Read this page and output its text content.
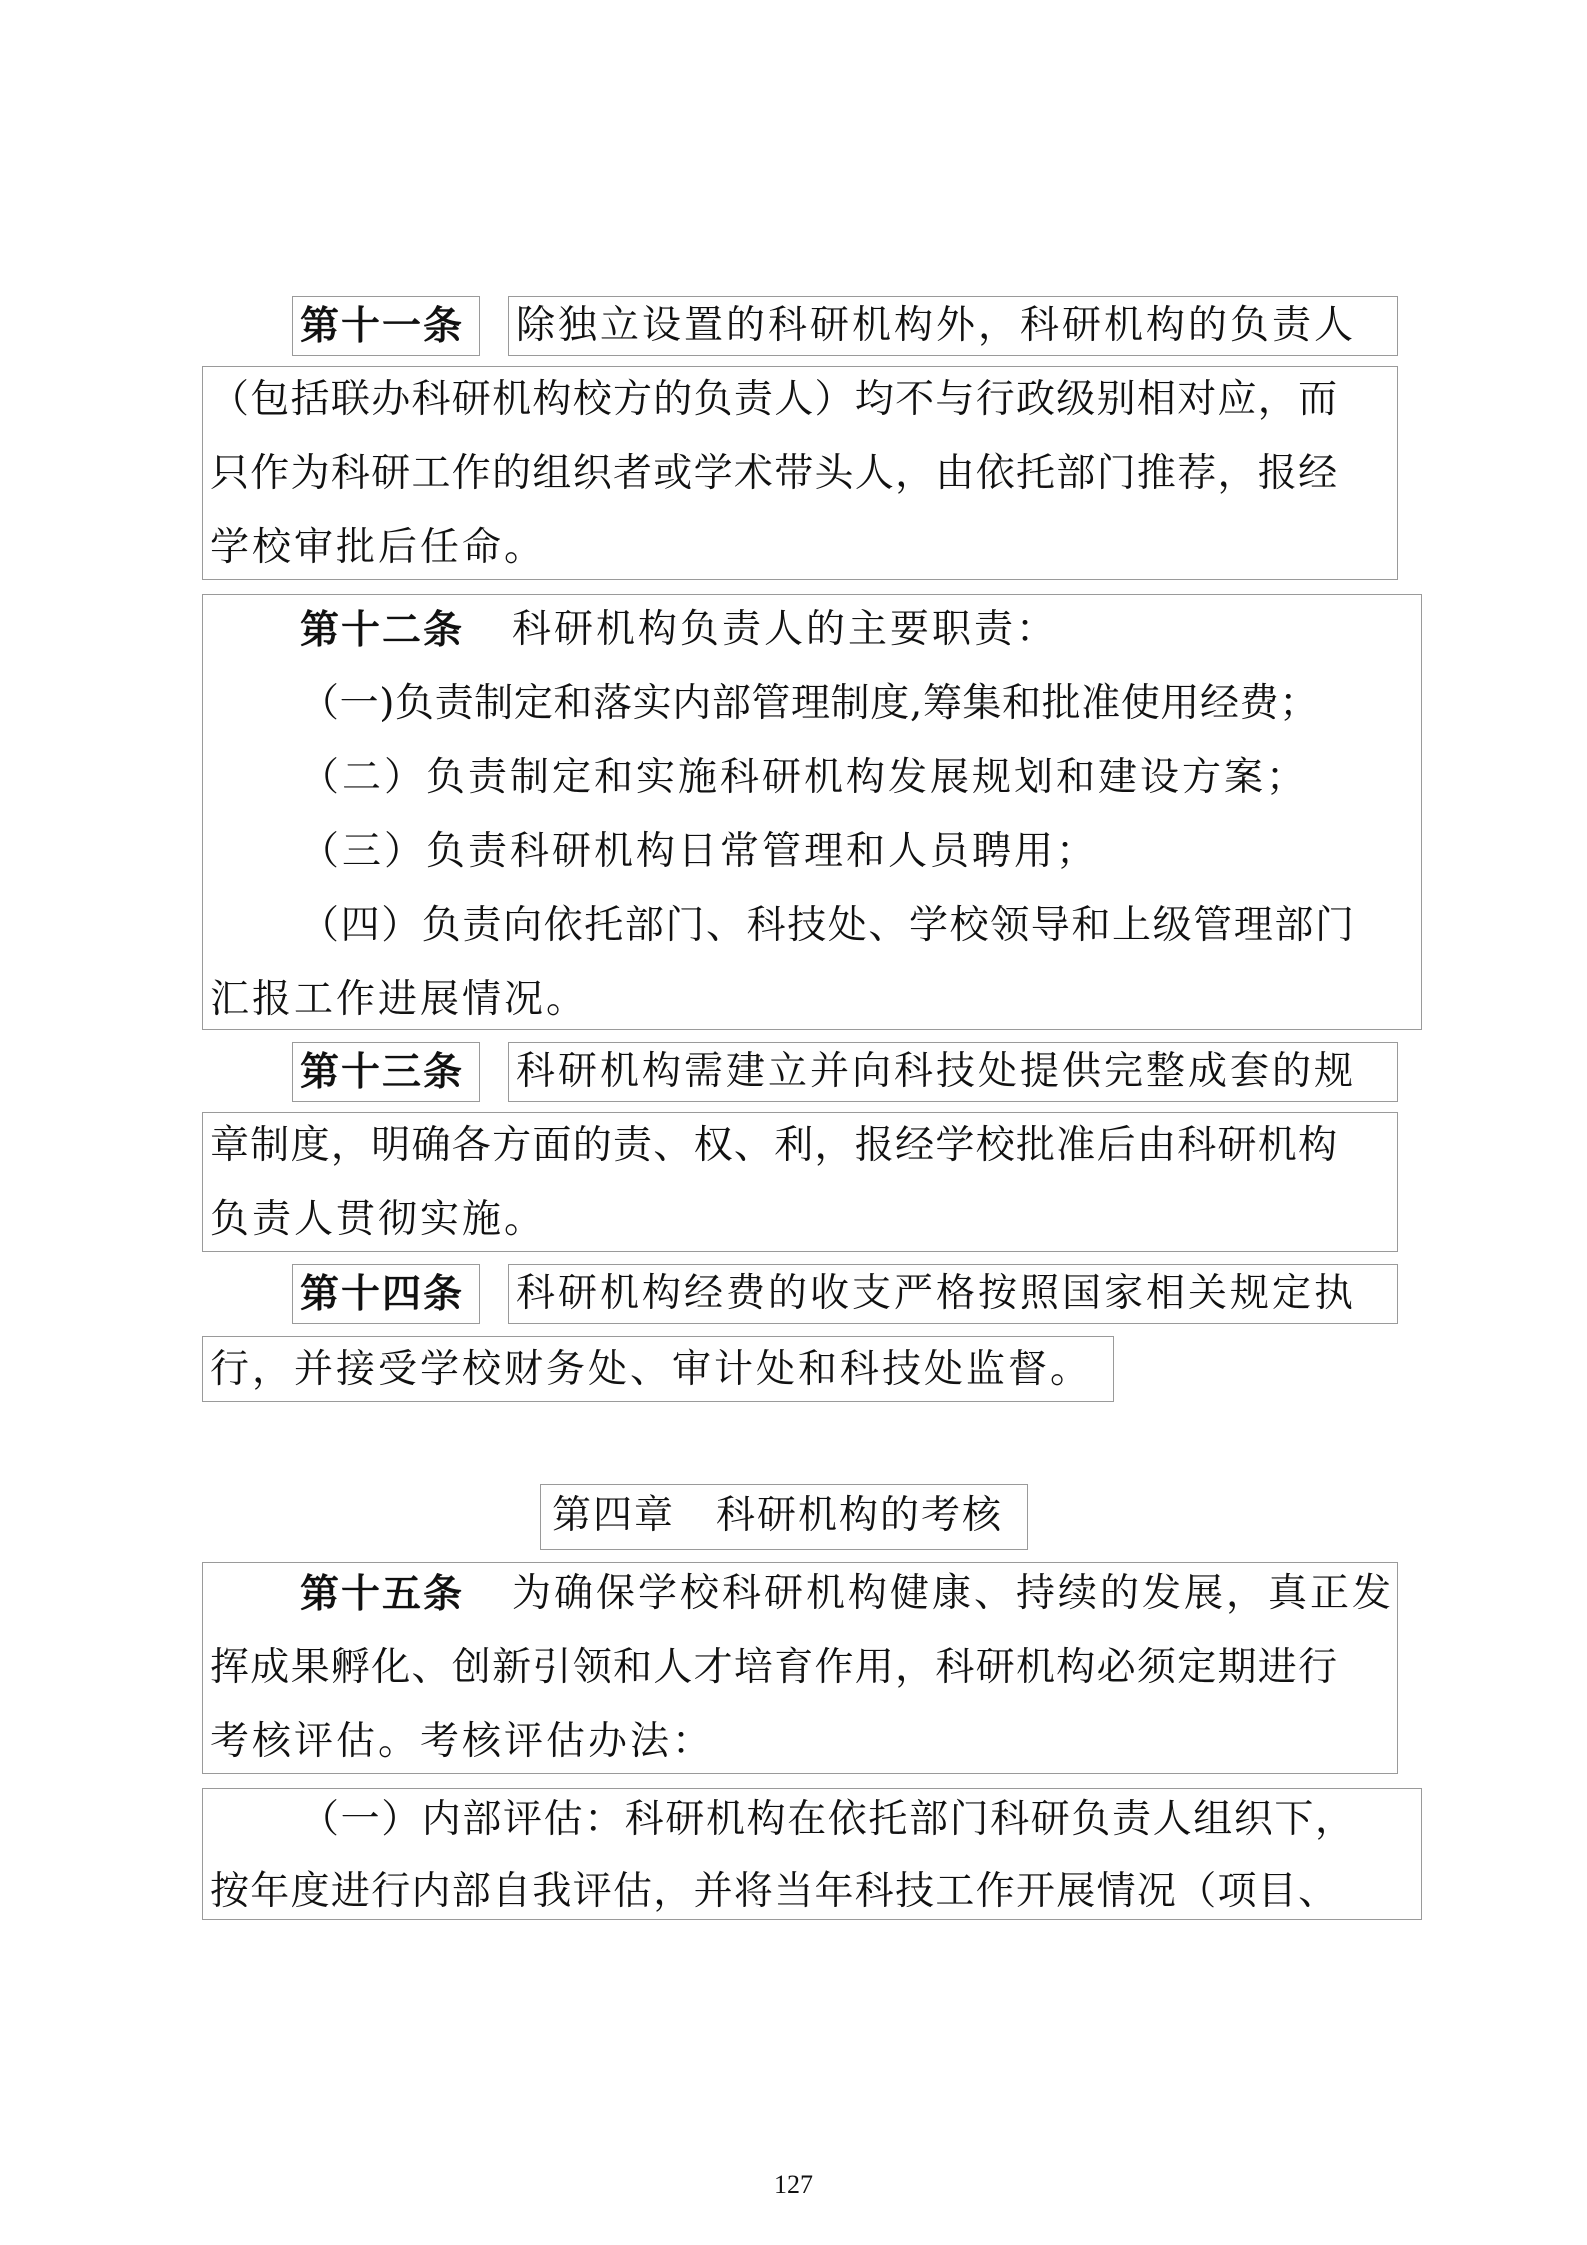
第十一条 除独立设置的科研机构外，科研机构的负责人
（包括联办科研机构校方的负责人）均不与行政级别相对应，而
只作为科研工作的组织者或学术带头人，由依托部门推荐，报经
学校审批后任命。
第十二条 科研机构负责人的主要职责：
（一)负责制定和落实内部管理制度,筹集和批准使用经费；
（二）负责制定和实施科研机构发展规划和建设方案；
（三）负责科研机构日常管理和人员聘用；
（四）负责向依托部门、科技处、学校领导和上级管理部门
汇报工作进展情况。
第十三条 科研机构需建立并向科技处提供完整成套的规
章制度，明确各方面的责、权、利，报经学校批准后由科研机构
负责人贯彻实施。
第十四条 科研机构经费的收支严格按照国家相关规定执
行，并接受学校财务处、审计处和科技处监督。
第四章　科研机构的考核
第十五条 为确保学校科研机构健康、持续的发展，真正发
挥成果孵化、创新引领和人才培育作用，科研机构必须定期进行
考核评估。考核评估办法：
（一）内部评估：科研机构在依托部门科研负责人组织下，
按年度进行内部自我评估，并将当年科技工作开展情况（项目、
127
